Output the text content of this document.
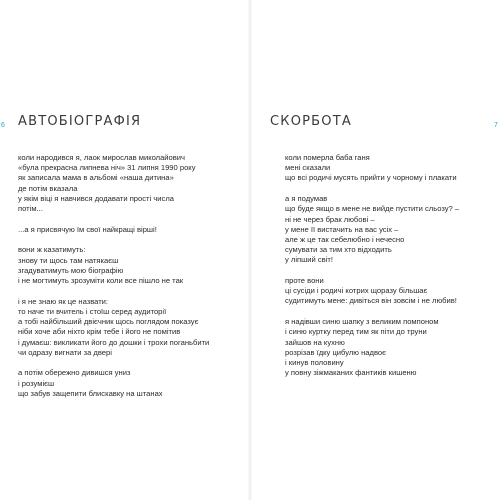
6 АВТОБІОГРАФІЯ
коли народився я, лаок мирослав миколайович
«була прекрасна липнева ніч» 31 липня 1990 року
як записала мама в альбомі «наша дитина»
де потім вказала
у якім віці я навчився додавати прості числа
потім...
...а я присвячую їм свої найкращі вірші!
вони ж казатимуть:
знову ти щось там натякаєш
згадуватимуть мою біографію
і не могтимуть зрозуміти коли все пішло не так
і я не знаю як це назвати:
то наче ти вчитель і стоїш серед аудиторії
а тобі найбільший двієчник щось поглядом показує
ніби хоче аби ніхто крім тебе і його не помітив
і думаєш: викликати його до дошки і трохи поганьбити
чи одразу вигнати за двері
а потім обережно дивишся униз
і розумієш
що забув защепити блискавку на штанах
7
СКОРБОТА
коли померла баба ганя
мені сказали
що всі родичі мусять прийти у чорному і плакати
а я подумав
що буде якщо в мене не вийде пустити сльозу? –
ні не через брак любові –
у мене її вистачить на вас усіх –
але ж це так себелюбно і нечесно
сумувати за тим хто відходить
у ліпший світ!
проте вони
ці сусіди і родичі котрих щоразу більшає
судитимуть мене: дивіться він зовсім і не любив!
я надівши синю шапку з великим помпоном
і синю куртку перед тим як піти до труни
зайшов на кухню
розрізав їдку цибулю надвоє
і кинув половину
у повну зіжмаканих фантиків кишеню
